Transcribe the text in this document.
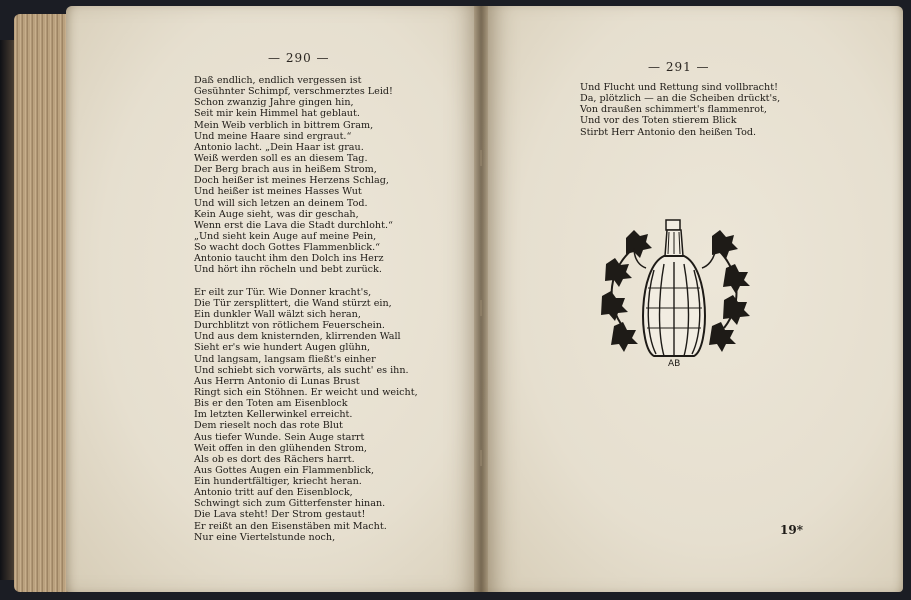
— 290 —
Daß endlich, endlich vergessen ist
Gesühnter Schimpf, verschmerztes Leid!
Schon zwanzig Jahre gingen hin,
Seit mir kein Himmel hat geblaut.
Mein Weib verblich in bittrem Gram,
Und meine Haare sind ergraut.“
Antonio lacht. „Dein Haar ist grau.
Weiß werden soll es an diesem Tag.
Der Berg brach aus in heißem Strom,
Doch heißer ist meines Herzens Schlag,
Und heißer ist meines Hasses Wut
Und will sich letzen an deinem Tod.
Kein Auge sieht, was dir geschah,
Wenn erst die Lava die Stadt durchloht.“
„Und sieht kein Auge auf meine Pein,
So wacht doch Gottes Flammenblick.“
Antonio taucht ihm den Dolch ins Herz
Und hört ihn röcheln und bebt zurück.
Er eilt zur Tür. Wie Donner kracht's,
Die Tür zersplittert, die Wand stürzt ein,
Ein dunkler Wall wälzt sich heran,
Durchblitzt von rötlichem Feuerschein.
Und aus dem knisternden, klirrenden Wall
Sieht er's wie hundert Augen glühn,
Und langsam, langsam fließt's einher
Und schiebt sich vorwärts, als sucht' es ihn.
Aus Herrn Antonio di Lunas Brust
Ringt sich ein Stöhnen. Er weicht und weicht,
Bis er den Toten am Eisenblock
Im letzten Kellerwinkel erreicht.
Dem rieselt noch das rote Blut
Aus tiefer Wunde. Sein Auge starrt
Weit offen in den glühenden Strom,
Als ob es dort des Rächers harrt.
Aus Gottes Augen ein Flammenblick,
Ein hundertfältiger, kriecht heran.
Antonio tritt auf den Eisenblock,
Schwingt sich zum Gitterfenster hinan.
Die Lava steht! Der Strom gestaut!
Er reißt an den Eisenstäben mit Macht.
Nur eine Viertelstunde noch,
— 291 —
Und Flucht und Rettung sind vollbracht!
Da, plötzlich — an die Scheiben drückt's,
Von draußen schimmert's flammenrot,
Und vor des Toten stierem Blick
Stirbt Herr Antonio den heißen Tod.
AB
19*
